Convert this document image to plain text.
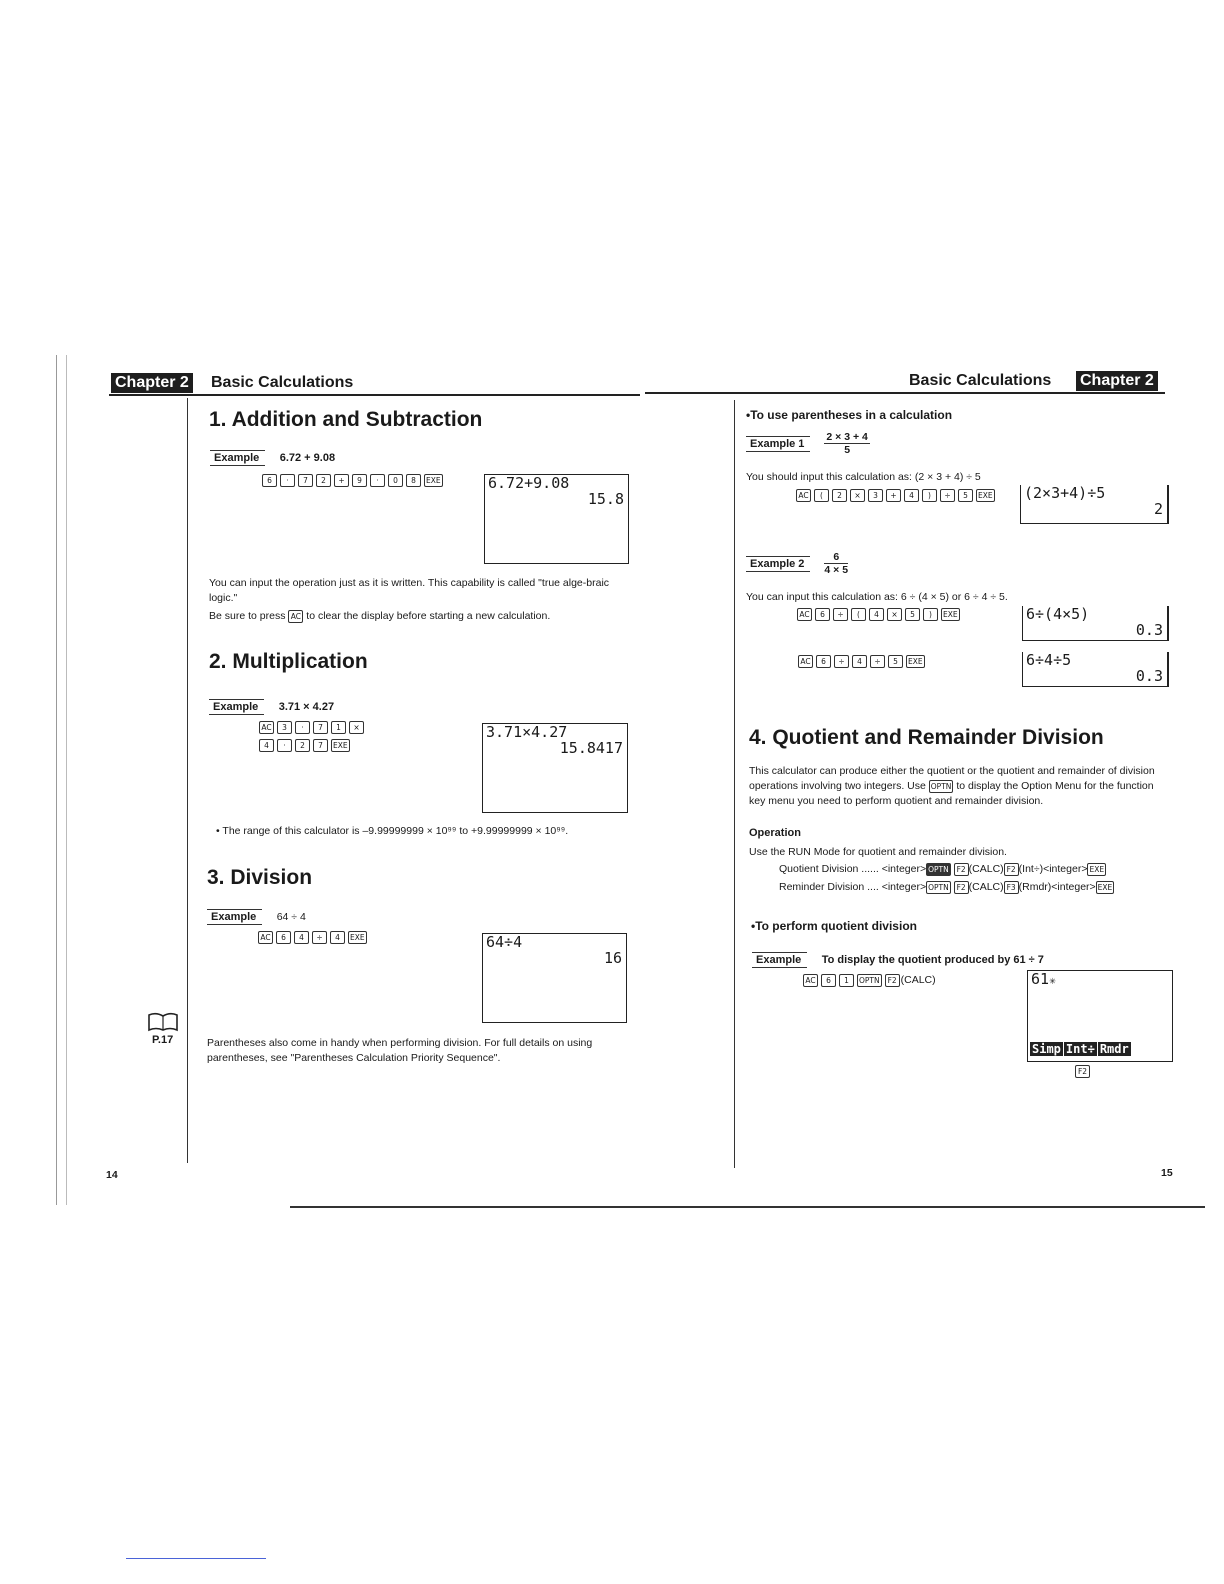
Chapter 2 Basic Calculations
1. Addition and Subtraction
Example 6.72 + 9.08
6	·	7	2	+	9	·	0	8	EXE	6.72+9.08
15.8
You can input the operation just as it is written. This capability is called "true alge-braic logic."
Be sure to press AC to clear the display before starting a new calculation.
2. Multiplication
Example 3.71 × 4.27
AC	3	·	7	1	×
4	·	2	7	EXE
3.71×4.27
15.8417
• The range of this calculator is –9.99999999 × 10⁹⁹ to +9.99999999 × 10⁹⁹.
3. Division
Example 64 ÷ 4
AC	6	4	÷	4	EXE	64÷4
16
Parentheses also come in handy when performing division. For full details on using parentheses, see "Parentheses Calculation Priority Sequence".
P.17
14
Basic Calculations Chapter 2
•To use parentheses in a calculation
Example 1	$\frac{2 \times 3 + 4}{5}$
You should input this calculation as: (2 × 3 + 4) ÷ 5
AC	(	2	×	3	+	4	)	÷	5	EXE (2×3+4)÷5
2
Example 2	$\frac{6}{4 \times 5}$
You can input this calculation as: 6 ÷ (4 × 5) or 6 ÷ 4 ÷ 5.
AC	6	÷	(	4	×	5	)	EXE	6÷(4×5)
0.3
AC	6	÷	4	÷	5	EXE	6÷4÷5
0.3
4. Quotient and Remainder Division
This calculator can produce either the quotient or the quotient and remainder of division operations involving two integers. Use OPTN to display the Option Menu for the function key menu you need to perform quotient and remainder division.
Operation
Use the RUN Mode for quotient and remainder division.
Quotient Division ...... <integer> OPTN F2 (CALC) F2 (Int÷)<integer> EXE
Reminder Division .... <integer> OPTN F2 (CALC) F3 (Rmdr)<integer> EXE
•To perform quotient division
Example To display the quotient produced by 61 ÷ 7
AC	6	1	OPTN	F2 (CALC)	61✳
Simp Int÷ Rmdr
F2
15
